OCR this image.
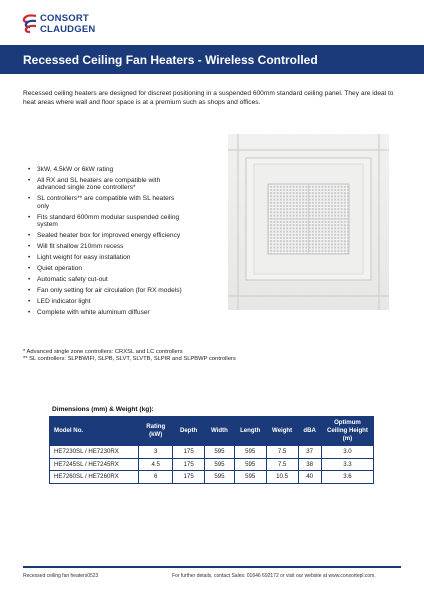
CONSORT
CLAUDGEN
Recessed Ceiling Fan Heaters - Wireless Controlled
Recessed ceiling heaters are designed for discreet positioning in a suspended 600mm standard ceiling panel. They are ideal to heat areas where wall and floor space is at a premium such as shops and offices.
• 3kW, 4.5kW or 6kW rating
• All RX and SL heaters are compatible with advanced single zone controllers*
• SL controllers** are compatible with SL heaters only
• Fits standard 600mm modular suspended ceiling system
• Sealed heater box for improved energy efficiency
• Will fit shallow 210mm recess
• Light weight for easy installation
• Quiet operation
• Automatic safety cut-out
• Fan only setting for air circulation (for RX models)
• LED indicator light
• Complete with white aluminum diffuser
* Advanced single zone controllers: CRXSL and LC controllers
** SL controllers: SLPBWIFI, SLPB, SLVT, SLVTB, SLPIR and SLPBWP controllers
Dimensions (mm) & Weight (kg):
Model No.	Rating (kW)	Depth	Width	Length	Weight	dBA	Optimum Ceiling Height (m)
HE7230SL / HE7230RX	3	175	595	595	7.5	37	3.0
HE7245SL / HE7245RX	4.5	175	595	595	7.5	38	3.3
HE7260SL / HE7260RX	6	175	595	595	10.5	40	3.6
Recessed ceiling fan heaters0523	For further details, contact Sales: 01646 692172 or visit our website at www.consortepl.com.
